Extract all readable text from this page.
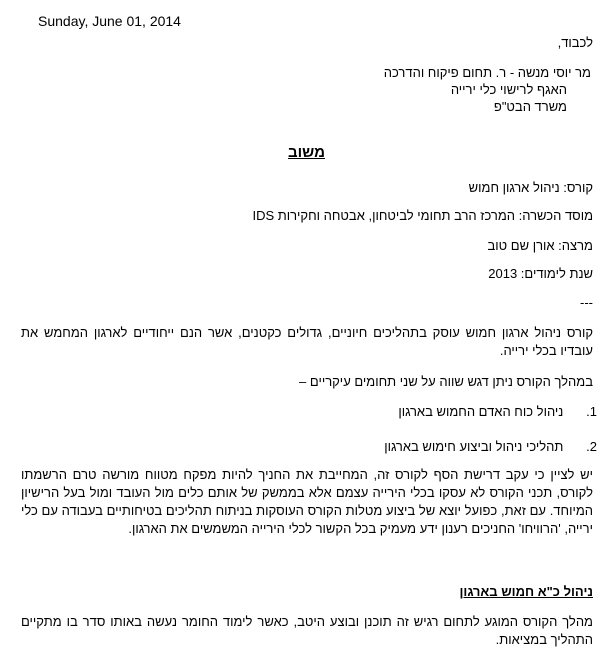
Sunday, June 01, 2014
לכבוד,
מר יוסי מנשה - ר. תחום פיקוח והדרכה
האגף לרישוי כלי ירייה
משרד הבט"פ
משוב
קורס: ניהול ארגון חמוש
מוסד הכשרה: המרכז הרב תחומי לביטחון, אבטחה וחקירות IDS
מרצה: אורן שם טוב
שנת לימודים: 2013
---
קורס ניהול ארגון חמוש עוסק בתהליכים חיוניים, גדולים כקטנים, אשר הנם ייחודיים לארגון המחמש את עובדיו בכלי ירייה.
במהלך הקורס ניתן דגש שווה על שני תחומים עיקריים –
1. ניהול כוח האדם החמוש בארגון
2. תהליכי ניהול וביצוע חימוש בארגון
יש לציין כי עקב דרישת הסף לקורס זה, המחייבת את החניך להיות מפקח מטווח מורשה טרם הרשמתו לקורס, תכני הקורס לא עסקו בכלי הירייה עצמם אלא בממשק של אותם כלים מול העובד ומול בעל הרישיון המיוחד. עם זאת, כפועל יוצא של ביצוע מטלות הקורס העוסקות בניתוח תהליכים בטיחותיים בעבודה עם כלי ירייה, 'הרוויחו' החניכים רענון ידע מעמיק בכל הקשור לכלי הירייה המשמשים את הארגון.
ניהול כ"א חמוש בארגון
מהלך הקורס המוגע לתחום רגיש זה תוכנן ובוצע היטב, כאשר לימוד החומר נעשה באותו סדר בו מתקיים התהליך במציאות.
